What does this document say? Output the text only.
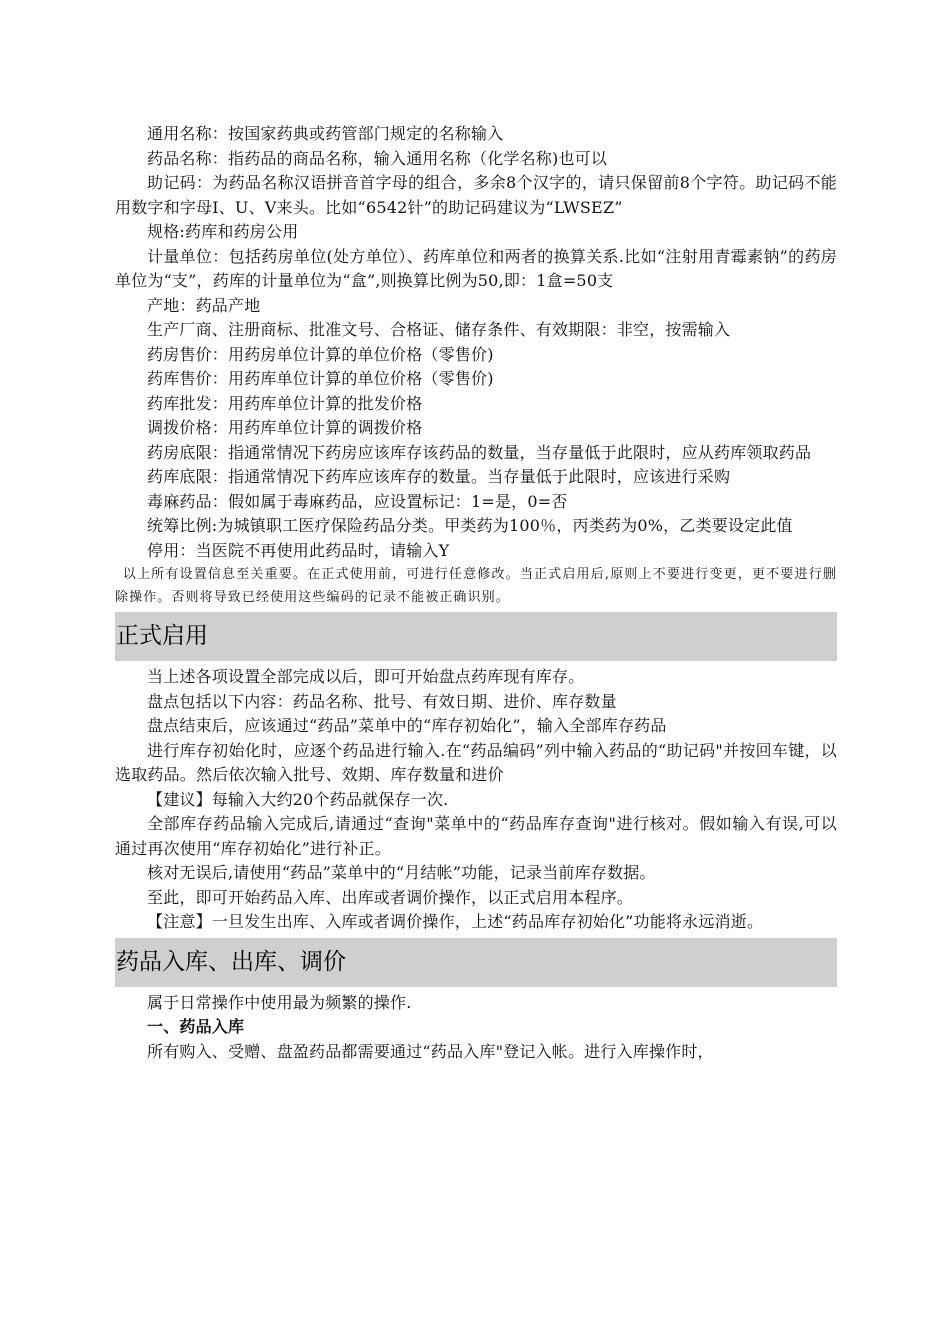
通用名称：按国家药典或药管部门规定的名称输入

药品名称：指药品的商品名称，输入通用名称（化学名称)也可以

助记码：为药品名称汉语拼音首字母的组合，多余8个汉字的，请只保留前8个字符。助记码不能用数字和字母I、U、V来头。比如“6542针”的助记码建议为“LWSEZ”

规格:药库和药房公用

计量单位：包括药房单位(处方单位）、药库单位和两者的换算关系.比如“注射用青霉素钠”的药房单位为“支”，药库的计量单位为“盒”,则换算比例为50,即：1盒=50支

产地：药品产地

生产厂商、注册商标、批准文号、合格证、储存条件、有效期限：非空，按需输入

药房售价：用药房单位计算的单位价格（零售价)

药库售价：用药库单位计算的单位价格（零售价)

药库批发：用药库单位计算的批发价格

调拨价格：用药库单位计算的调拨价格

药房底限：指通常情况下药房应该库存该药品的数量，当存量低于此限时，应从药库领取药品

药库底限：指通常情况下药库应该库存的数量。当存量低于此限时，应该进行采购

毒麻药品：假如属于毒麻药品，应设置标记：1=是，0=否

统筹比例:为城镇职工医疗保险药品分类。甲类药为100％，丙类药为0%，乙类要设定此值

停用：当医院不再使用此药品时，请输入Y

以上所有设置信息至关重要。在正式使用前，可进行任意修改。当正式启用后,原则上不要进行变更，更不要进行删除操作。否则将导致已经使用这些编码的记录不能被正确识别。

正式启用

当上述各项设置全部完成以后，即可开始盘点药库现有库存。

盘点包括以下内容：药品名称、批号、有效日期、进价、库存数量

盘点结束后，应该通过“药品”菜单中的“库存初始化”，输入全部库存药品

进行库存初始化时，应逐个药品进行输入.在“药品编码”列中输入药品的“助记码"并按回车键，以选取药品。然后依次输入批号、效期、库存数量和进价

【建议】每输入大约20个药品就保存一次.

全部库存药品输入完成后,请通过“查询"菜单中的“药品库存查询"进行核对。假如输入有误,可以通过再次使用“库存初始化”进行补正。

核对无误后,请使用“药品”菜单中的“月结帐”功能，记录当前库存数据。

至此，即可开始药品入库、出库或者调价操作，以正式启用本程序。

【注意】一旦发生出库、入库或者调价操作，上述“药品库存初始化”功能将永远消逝。

药品入库、出库、调价

属于日常操作中使用最为频繁的操作.

一、药品入库

所有购入、受赠、盘盈药品都需要通过“药品入库"登记入帐。进行入库操作时，
